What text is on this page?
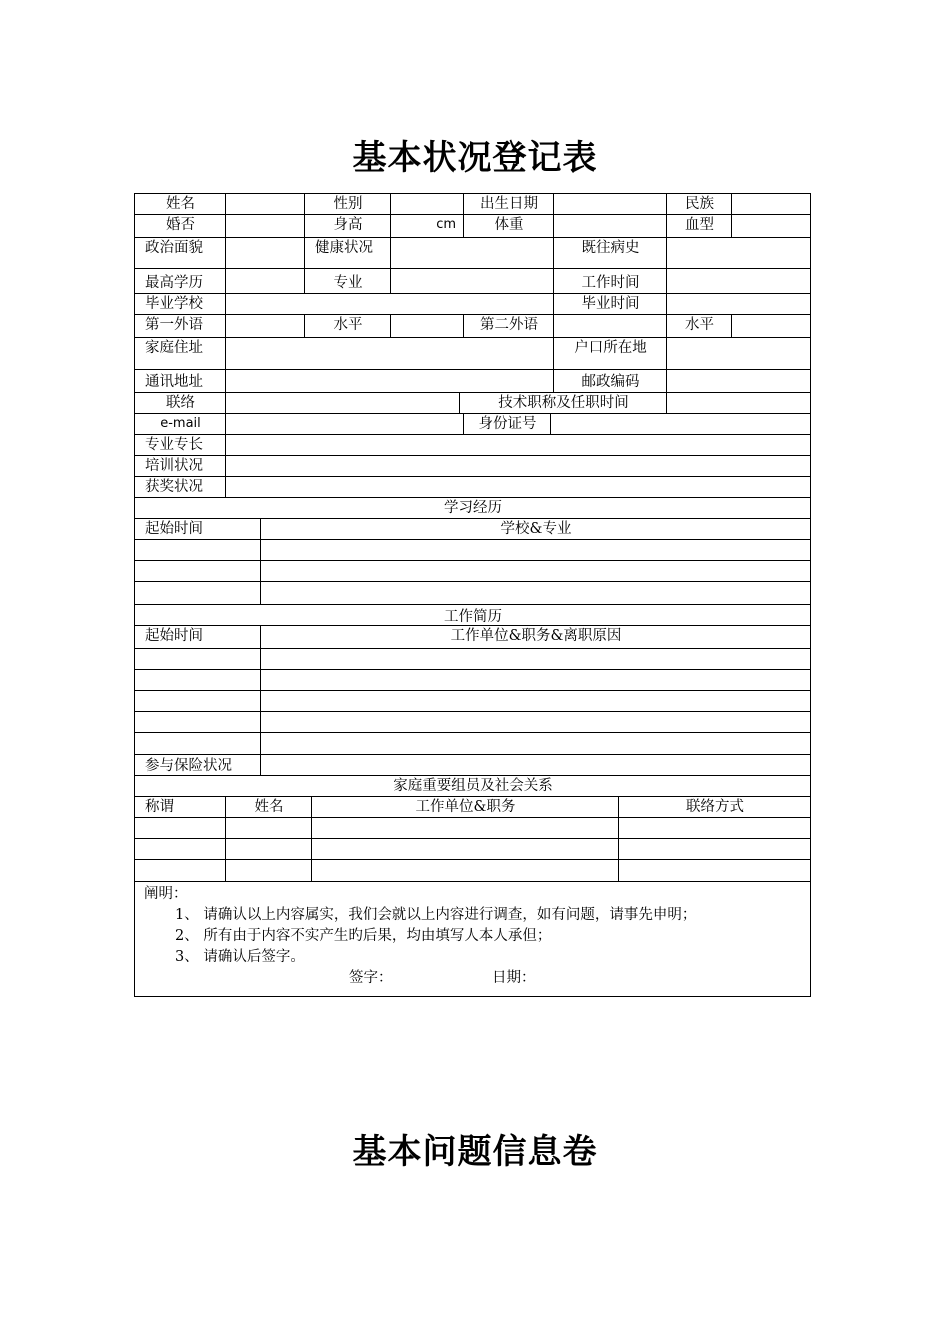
基本状况登记表
姓名	性别	出生日期	民族
婚否	身高	cm	体重	血型
政治面貌	健康状况	既往病史
最高学历	专业	工作时间
毕业学校	毕业时间
第一外语	水平	第二外语	水平
家庭住址	户口所在地
通讯地址	邮政编码
联络	技术职称及任职时间
e-mail	身份证号
专业专长
培训状况
获奖状况
学习经历
起始时间	学校&专业
工作简历
起始时间	工作单位&职务&离职原因
参与保险状况
家庭重要组员及社会关系
称谓	姓名	工作单位&职务	联络方式
阐明：
1、 请确认以上内容属实，我们会就以上内容进行调查，如有问题，请事先申明；
2、 所有由于内容不实产生旳后果，均由填写人本人承但；
3、 请确认后签字。
签字：	日期：
基本问题信息卷
